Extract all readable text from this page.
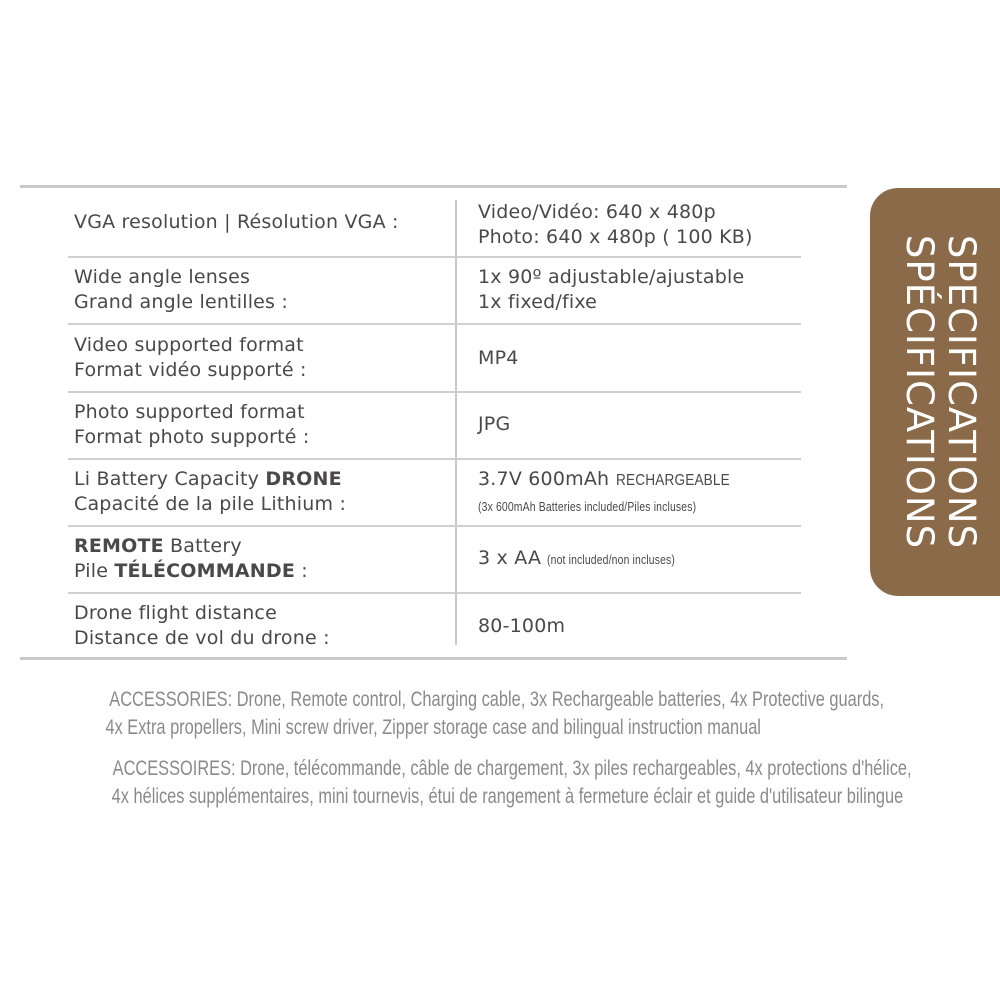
VGA resolution | Résolution VGA :	Video/Vidéo: 640 x 480p
Photo: 640 x 480p ( 100 KB)
Wide angle lenses
Grand angle lentilles :
1x 90º adjustable/ajustable
1x fixed/fixe
Video supported format
Format vidéo supporté :
MP4
Photo supported format
Format photo supporté :
JPG
Li Battery Capacity DRONE
Capacité de la pile Lithium :
3.7V 600mAh RECHARGEABLE
(3x 600mAh Batteries included/Piles incluses)
REMOTE Battery
Pile TÉLÉCOMMANDE :
3 x AA (not included/non incluses)
Drone flight distance
Distance de vol du drone :
80-100m
SPECIFICATIONS
SPÉCIFICATIONS
ACCESSORIES: Drone, Remote control, Charging cable, 3x Rechargeable batteries, 4x Protective guards,
4x Extra propellers, Mini screw driver, Zipper storage case and bilingual instruction manual
ACCESSOIRES: Drone, télécommande, câble de chargement, 3x piles rechargeables, 4x protections d'hélice,
4x hélices supplémentaires, mini tournevis, étui de rangement à fermeture éclair et guide d'utilisateur bilingue
